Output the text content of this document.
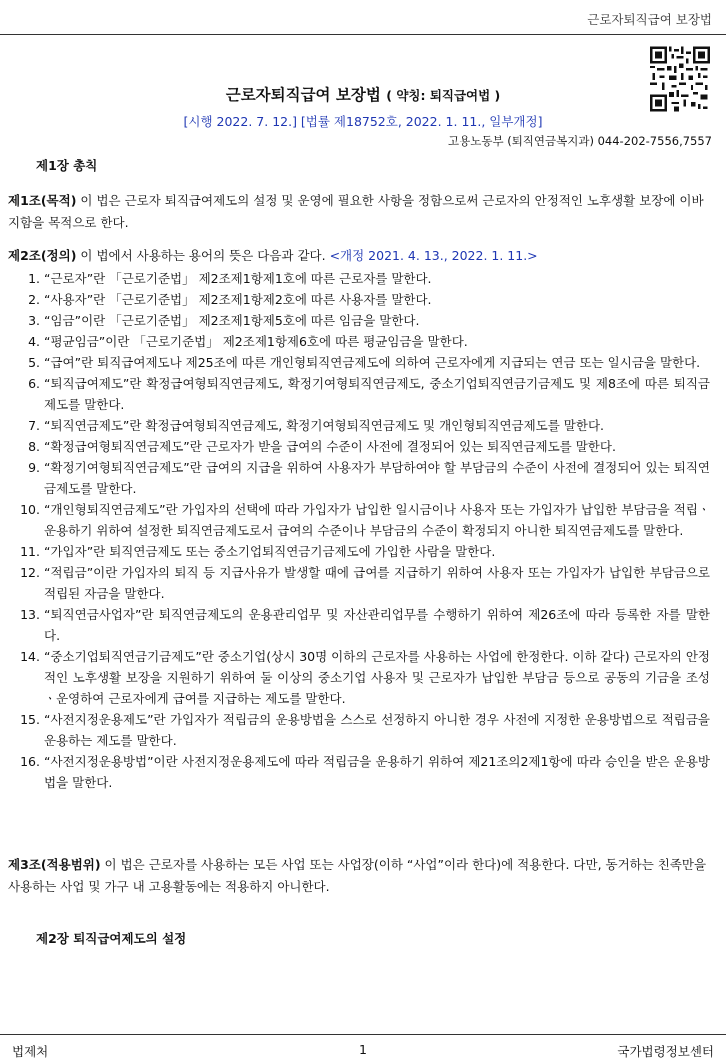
근로자퇴직급여 보장법
근로자퇴직급여 보장법 ( 약칭: 퇴직급여법 )
[시행 2022. 7. 12.] [법률 제18752호, 2022. 1. 11., 일부개정]
고용노동부 (퇴직연금복지과) 044-202-7556,7557
제1장 총칙
제1조(목적) 이 법은 근로자 퇴직급여제도의 설정 및 운영에 필요한 사항을 정함으로써 근로자의 안정적인 노후생활 보장에 이바지함을 목적으로 한다.
제2조(정의) 이 법에서 사용하는 용어의 뜻은 다음과 같다. <개정 2021. 4. 13., 2022. 1. 11.>
1. “근로자”란 「근로기준법」 제2조제1항제1호에 따른 근로자를 말한다.
2. “사용자”란 「근로기준법」 제2조제1항제2호에 따른 사용자를 말한다.
3. “임금”이란 「근로기준법」 제2조제1항제5호에 따른 임금을 말한다.
4. “평균임금”이란 「근로기준법」 제2조제1항제6호에 따른 평균임금을 말한다.
5. “급여”란 퇴직급여제도나 제25조에 따른 개인형퇴직연금제도에 의하여 근로자에게 지급되는 연금 또는 일시금을 말한다.
6. “퇴직급여제도”란 확정급여형퇴직연금제도, 확정기여형퇴직연금제도, 중소기업퇴직연금기금제도 및 제8조에 따른 퇴직금제도를 말한다.
7. “퇴직연금제도”란 확정급여형퇴직연금제도, 확정기여형퇴직연금제도 및 개인형퇴직연금제도를 말한다.
8. “확정급여형퇴직연금제도”란 근로자가 받을 급여의 수준이 사전에 결정되어 있는 퇴직연금제도를 말한다.
9. “확정기여형퇴직연금제도”란 급여의 지급을 위하여 사용자가 부담하여야 할 부담금의 수준이 사전에 결정되어 있는 퇴직연금제도를 말한다.
10. “개인형퇴직연금제도”란 가입자의 선택에 따라 가입자가 납입한 일시금이나 사용자 또는 가입자가 납입한 부담금을 적립ㆍ운용하기 위하여 설정한 퇴직연금제도로서 급여의 수준이나 부담금의 수준이 확정되지 아니한 퇴직연금제도를 말한다.
11. “가입자”란 퇴직연금제도 또는 중소기업퇴직연금기금제도에 가입한 사람을 말한다.
12. “적립금”이란 가입자의 퇴직 등 지급사유가 발생할 때에 급여를 지급하기 위하여 사용자 또는 가입자가 납입한 부담금으로 적립된 자금을 말한다.
13. “퇴직연금사업자”란 퇴직연금제도의 운용관리업무 및 자산관리업무를 수행하기 위하여 제26조에 따라 등록한 자를 말한다.
14. “중소기업퇴직연금기금제도”란 중소기업(상시 30명 이하의 근로자를 사용하는 사업에 한정한다. 이하 같다) 근로자의 안정적인 노후생활 보장을 지원하기 위하여 둘 이상의 중소기업 사용자 및 근로자가 납입한 부담금 등으로 공동의 기금을 조성ㆍ운영하여 근로자에게 급여를 지급하는 제도를 말한다.
15. “사전지정운용제도”란 가입자가 적립금의 운용방법을 스스로 선정하지 아니한 경우 사전에 지정한 운용방법으로 적립금을 운용하는 제도를 말한다.
16. “사전지정운용방법”이란 사전지정운용제도에 따라 적립금을 운용하기 위하여 제21조의2제1항에 따라 승인을 받은 운용방법을 말한다.
제3조(적용범위) 이 법은 근로자를 사용하는 모든 사업 또는 사업장(이하 “사업”이라 한다)에 적용한다. 다만, 동거하는 친족만을 사용하는 사업 및 가구 내 고용활동에는 적용하지 아니한다.
제2장 퇴직급여제도의 설정
법제처	1	국가법령정보센터
